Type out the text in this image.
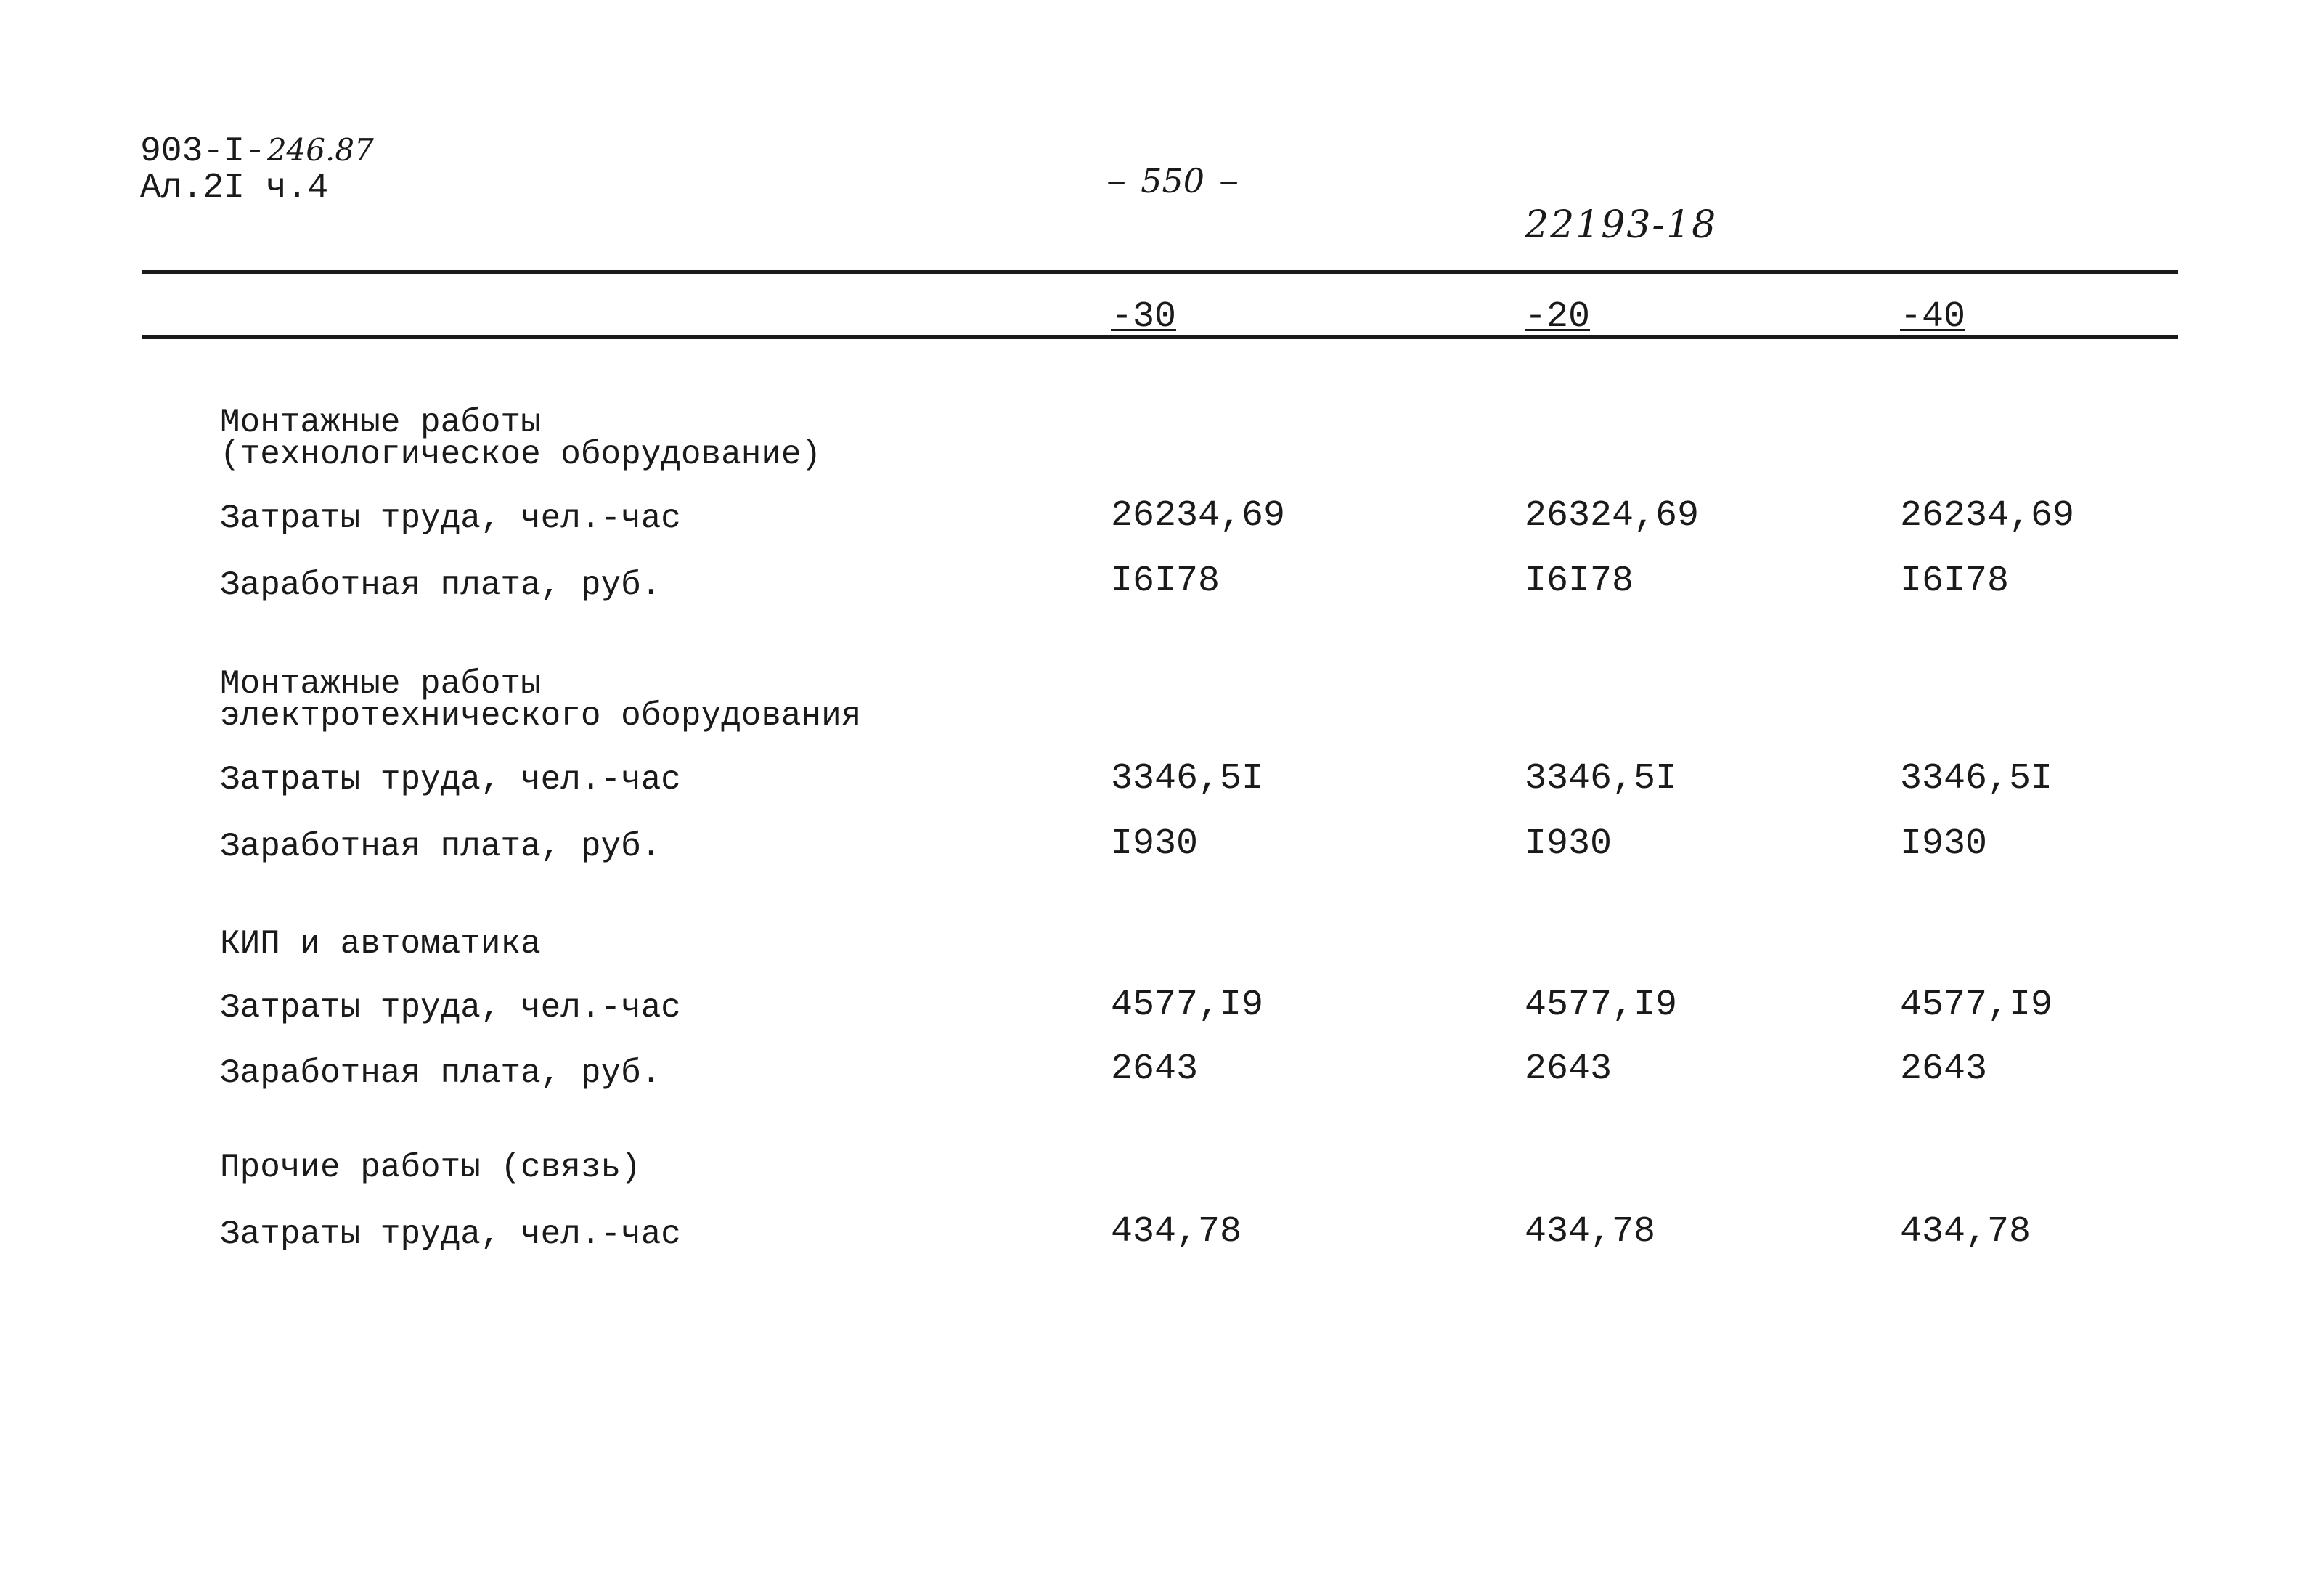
903-I-246.87
Ал.2I ч.4	– 550 –
22193-18
-30	-20	-40
Монтажные работы
(технологическое оборудование)
Затраты труда, чел.-час	26234,69	26324,69	26234,69
Заработная плата, руб.	I6I78	I6I78	I6I78
Монтажные работы
электротехнического оборудования
Затраты труда, чел.-час	3346,5I	3346,5I	3346,5I
Заработная плата, руб.	I930	I930	I930
КИП и автоматика
Затраты труда, чел.-час	4577,I9	4577,I9	4577,I9
Заработная плата, руб.	2643	2643	2643
Прочие работы (связь)
Затраты труда, чел.-час	434,78	434,78	434,78
